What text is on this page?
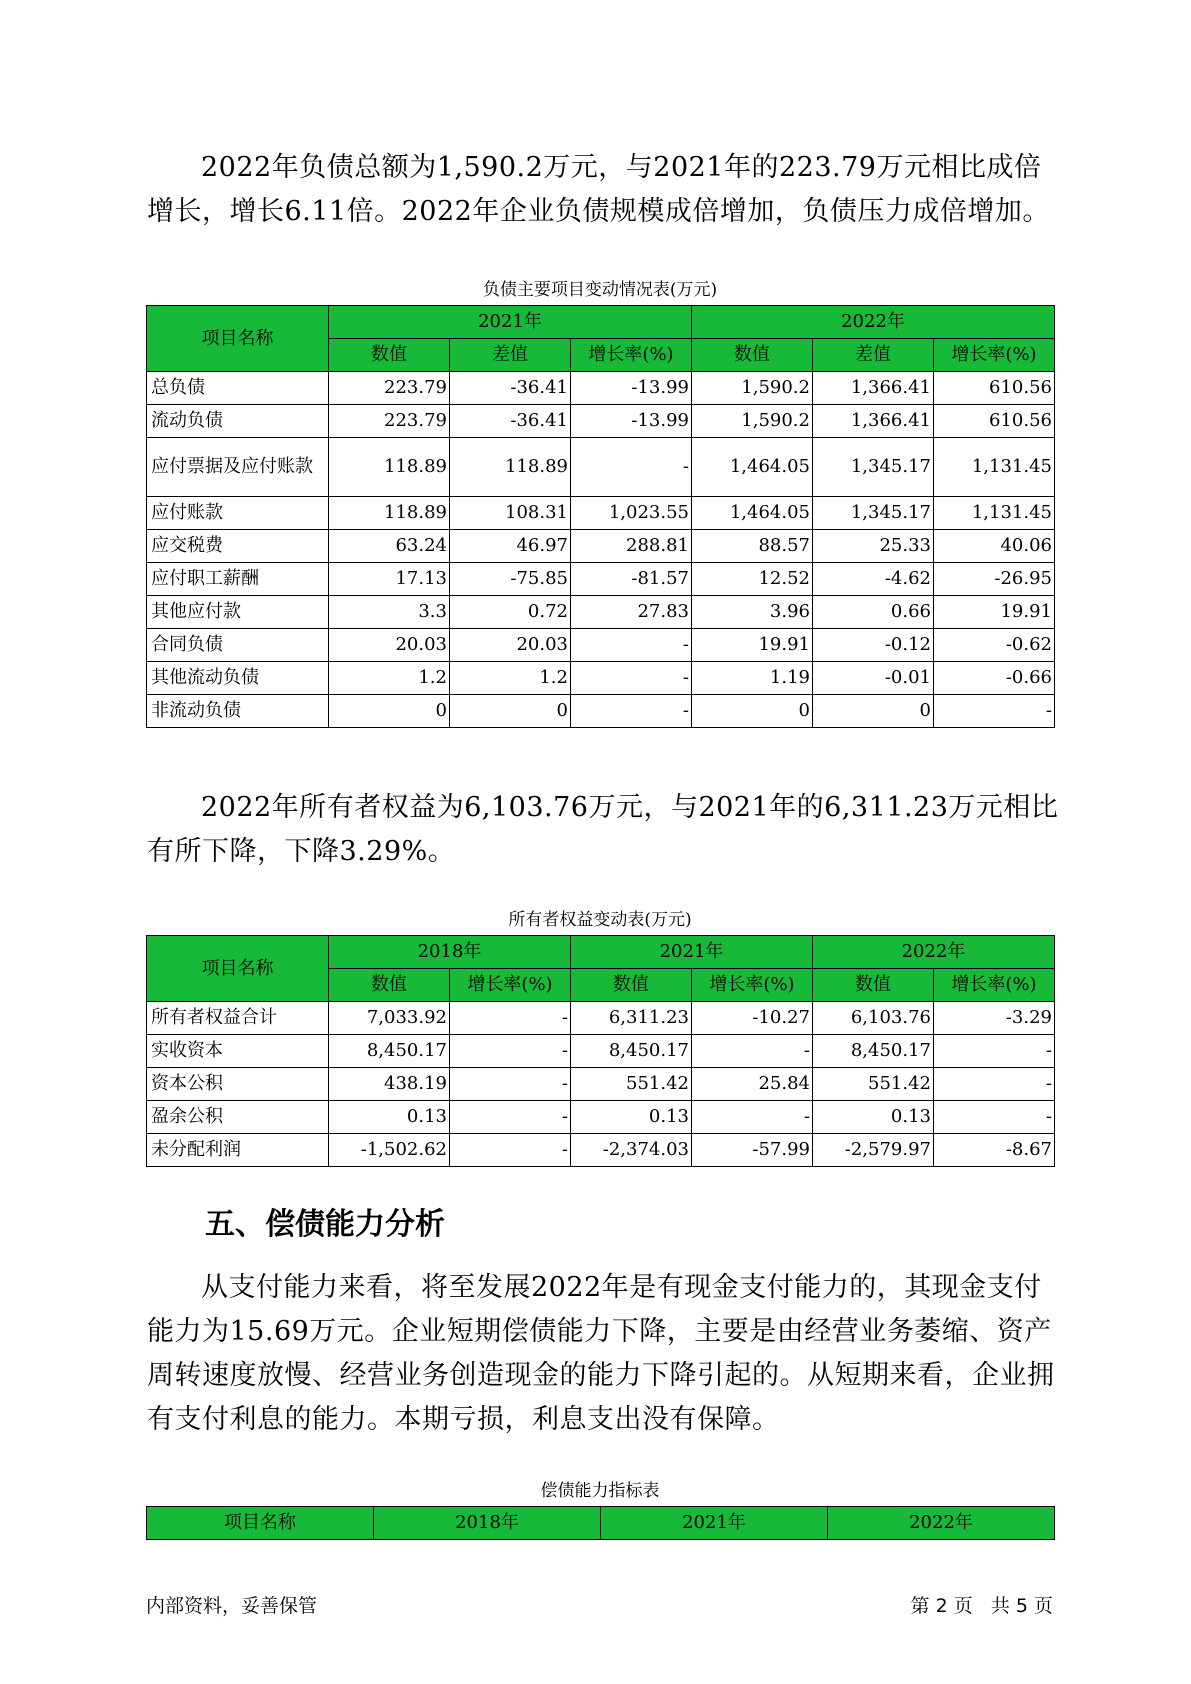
2022年负债总额为1,590.2万元，与2021年的223.79万元相比成倍增长，增长6.11倍。2022年企业负债规模成倍增加，负债压力成倍增加。

负债主要项目变动情况表(万元)
项目名称	2021年			2022年		
	数值	差值	增长率(%)	数值	差值	增长率(%)
总负债	223.79	-36.41	-13.99	1,590.2	1,366.41	610.56
流动负债	223.79	-36.41	-13.99	1,590.2	1,366.41	610.56
应付票据及应付账款	118.89	118.89	-	1,464.05	1,345.17	1,131.45
应付账款	118.89	108.31	1,023.55	1,464.05	1,345.17	1,131.45
应交税费	63.24	46.97	288.81	88.57	25.33	40.06
应付职工薪酬	17.13	-75.85	-81.57	12.52	-4.62	-26.95
其他应付款	3.3	0.72	27.83	3.96	0.66	19.91
合同负债	20.03	20.03	-	19.91	-0.12	-0.62
其他流动负债	1.2	1.2	-	1.19	-0.01	-0.66
非流动负债	0	0	-	0	0	-

2022年所有者权益为6,103.76万元，与2021年的6,311.23万元相比有所下降，下降3.29%。

所有者权益变动表(万元)
项目名称	2018年		2021年		2022年	
	数值	增长率(%)	数值	增长率(%)	数值	增长率(%)
所有者权益合计	7,033.92	-	6,311.23	-10.27	6,103.76	-3.29
实收资本	8,450.17	-	8,450.17	-	8,450.17	-
资本公积	438.19	-	551.42	25.84	551.42	-
盈余公积	0.13	-	0.13	-	0.13	-
未分配利润	-1,502.62	-	-2,374.03	-57.99	-2,579.97	-8.67
五、偿债能力分析

从支付能力来看，将至发展2022年是有现金支付能力的，其现金支付能力为15.69万元。企业短期偿债能力下降，主要是由经营业务萎缩、资产周转速度放慢、经营业务创造现金的能力下降引起的。从短期来看，企业拥有支付利息的能力。本期亏损，利息支出没有保障。

偿债能力指标表
项目名称	2018年	2021年	2022年
内部资料，妥善保管	第 2 页   共 5 页
